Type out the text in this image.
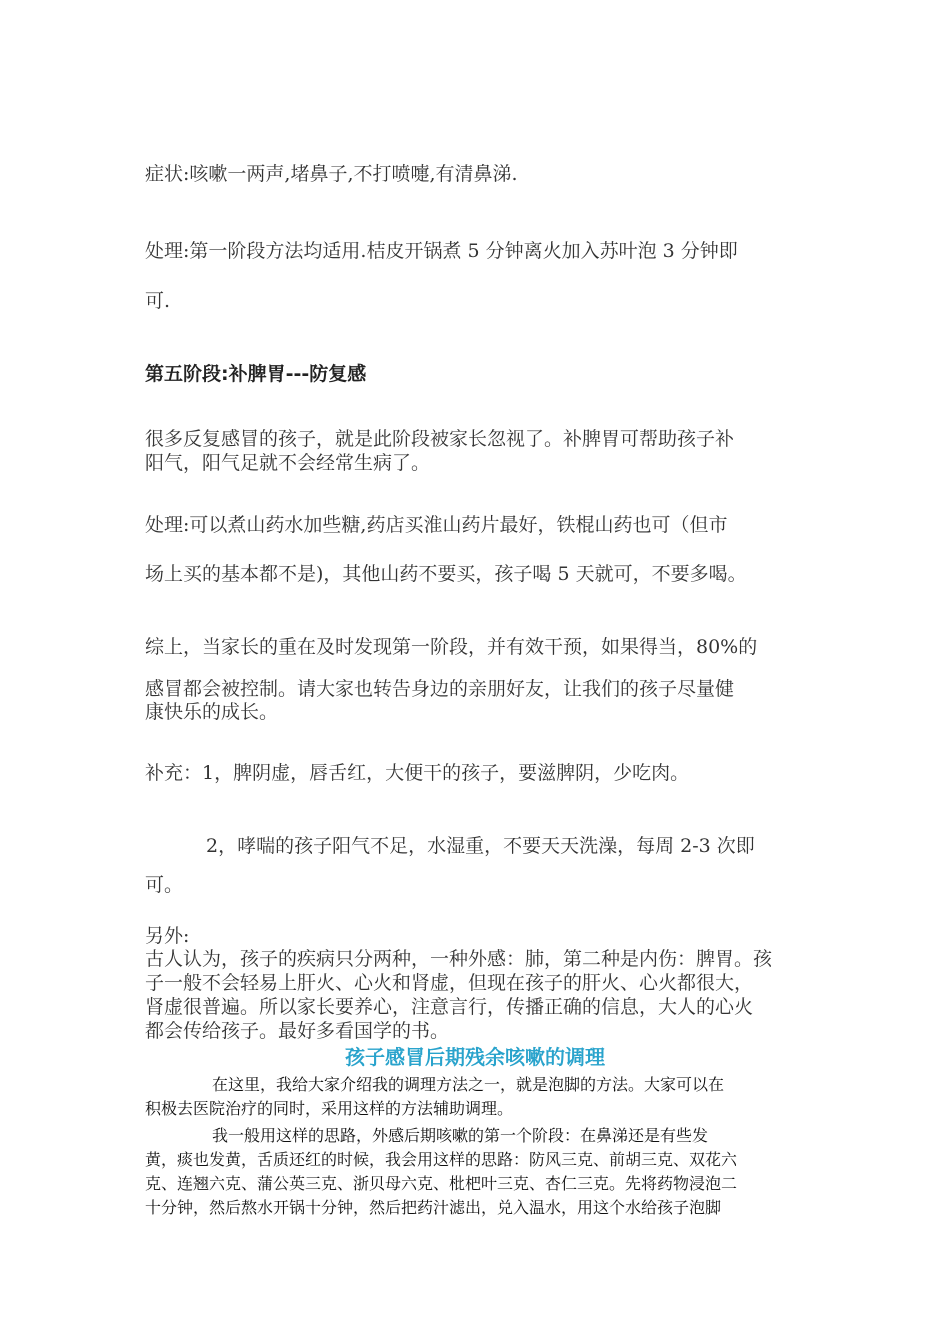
症状:咳嗽一两声,堵鼻子,不打喷嚏,有清鼻涕.

处理:第一阶段方法均适用.桔皮开锅煮 5 分钟离火加入苏叶泡 3 分钟即

可.

第五阶段:补脾胃---防复感

很多反复感冒的孩子，就是此阶段被家长忽视了。补脾胃可帮助孩子补

阳气，阳气足就不会经常生病了。

处理:可以煮山药水加些糖,药店买淮山药片最好，铁棍山药也可（但市

场上买的基本都不是)，其他山药不要买，孩子喝 5 天就可，不要多喝。

综上，当家长的重在及时发现第一阶段，并有效干预，如果得当，80%的

感冒都会被控制。请大家也转告身边的亲朋好友，让我们的孩子尽量健

康快乐的成长。

补充：1，脾阴虚，唇舌红，大便干的孩子，要滋脾阴，少吃肉。

2，哮喘的孩子阳气不足，水湿重，不要天天洗澡，每周 2-3 次即

可。

另外:

古人认为，孩子的疾病只分两种，一种外感：肺，第二种是内伤：脾胃。孩

子一般不会轻易上肝火、心火和肾虚，但现在孩子的肝火、心火都很大，

肾虚很普遍。所以家长要养心，注意言行，传播正确的信息，大人的心火

都会传给孩子。最好多看国学的书。

孩子感冒后期残余咳嗽的调理

在这里，我给大家介绍我的调理方法之一，就是泡脚的方法。大家可以在

积极去医院治疗的同时，采用这样的方法辅助调理。

我一般用这样的思路，外感后期咳嗽的第一个阶段：在鼻涕还是有些发

黄，痰也发黄，舌质还红的时候，我会用这样的思路：防风三克、前胡三克、双花六

克、连翘六克、蒲公英三克、浙贝母六克、枇杷叶三克、杏仁三克。先将药物浸泡二

十分钟，然后熬水开锅十分钟，然后把药汁滤出，兑入温水，用这个水给孩子泡脚
